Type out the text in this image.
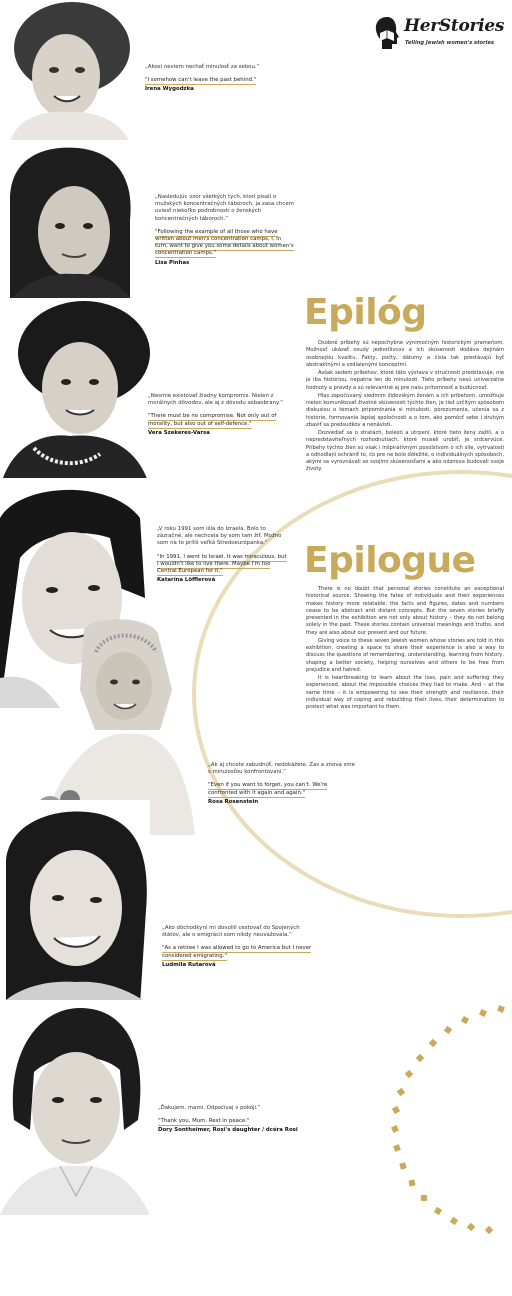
HerStories
Telling Jewish women's stories

„Akosi neviem nechať minulosť za sebou.“

"I somehow can't leave the past behind."
Irena Wygodzka

„Nasledujúc vzor všetkých tých, ktorí písali o mužských koncentračných táboroch, ja zasa chcem uviesť niekoľko podrobností o ženských koncentračných táboroch.“

"Following the example of all those who have written about men's concentration camps, I, in turn, want to give you some details about women's concentration camps."
Lisa Pinhas

„Nesmie existovať žiadny kompromis. Nielen z morálnych dôvodov, ale aj z dôvodu sebaobrany.“

"There must be no compromise. Not only out of morality, but also out of self-defence."
Vera Szekeres-Varsa

„V roku 1991 som išla do Izraela. Bolo to zázračné, ale nechcela by som tam žiť. Možno som na to príliš veľká Stredoeurópanka.“

"In 1991, I went to Israel. It was miraculous, but I wouldn't like to live there. Maybe I'm too Central European for it."
Katarína Löfflerová

„Ak aj chcete zabudnúť, nedokážete. Zas a znova sme s minulosťou konfrontovaní.“

"Even if you want to forget, you can't. We're confronted with it again and again."
Rosa Rosenstein

„Ako dôchodkyni mi dovolili cestovať do Spojených štátov, ale o emigrácii som nikdy neuvažovala.“

"As a retiree I was allowed to go to America but I never considered emigrating."
Ludmila Rutarová

„Ďakujem, mami. Odpočívaj v pokoji.“

"Thank you, Mum. Rest in peace."
Dory Sontheimer, Rosi's daughter / dcéra Rosi
Epilóg

Osobné príbehy sú nepochybne výnimočným historickým prameňom. Možnosť ukázať osudy jednotlivcov a ich skúsenosti dodáva dejinám osobnejšiu kvalitu. Fakty, počty, dátumy a čísla tak prestávajú byť abstraktnými a vzdialenými konceptmi.

Avšak sedem príbehov, ktoré táto výstava v stručnosti predstavuje, nie je iba históriou, nepatria len do minulosti. Tieto príbehy nesú univerzálne hodnoty a pravdy a sú relevantné aj pre našu prítomnosť a budúcnosť.

Hlas započúvaný siedmim židovským ženám a ich príbehom, umožňuje nielen komunikovať životné skúsenosti týchto žien, je tiež určitým spôsobom diskusiou o témach pripomínania si minulosti, porozumenia, učenia sa z histórie, formovania lepšej spoločnosti a o tom, ako pomôcť sebe i druhým zbaviť sa predsudkov a nenávisti.

Dozvedieť sa o stratách, bolesti a utrpení, ktoré tieto ženy zažili, a o nepredstaviteľných rozhodnutiach, ktoré museli urobiť, je srdcervúce. Príbehy týchto žien sú však i inšpiratívnym posolstvom o ich sile, vytrvalosti a odhodlaní ochrániť to, čo pre ne bolo dôležité, o individuálnych spôsoboch, akými sa vyrovnávali so svojimi skúsenosťami a ako odznova budovali svoje životy.

Epilogue

There is no doubt that personal stories constitute an exceptional historical source. Showing the fates of individuals and their experiences makes history more relatable: the facts and figures, dates and numbers cease to be abstract and distant concepts. But the seven stories briefly presented in the exhibition are not only about history – they do not belong solely in the past. These stories contain universal meanings and truths, and they are also about our present and our future.

Giving voice to these seven Jewish women whose stories are told in this exhibition, creating a space to share their experience is also a way to discuss the questions of remembering, understanding, learning from history, shaping a better society, helping ourselves and others to be free from prejudice and hatred.

It is heartbreaking to learn about the loss, pain and suffering they experienced, about the impossible choices they had to make. And – at the same time – it is empowering to see their strength and resilience, their individual way of coping and rebuilding their lives, their determination to protect what was important to them.
